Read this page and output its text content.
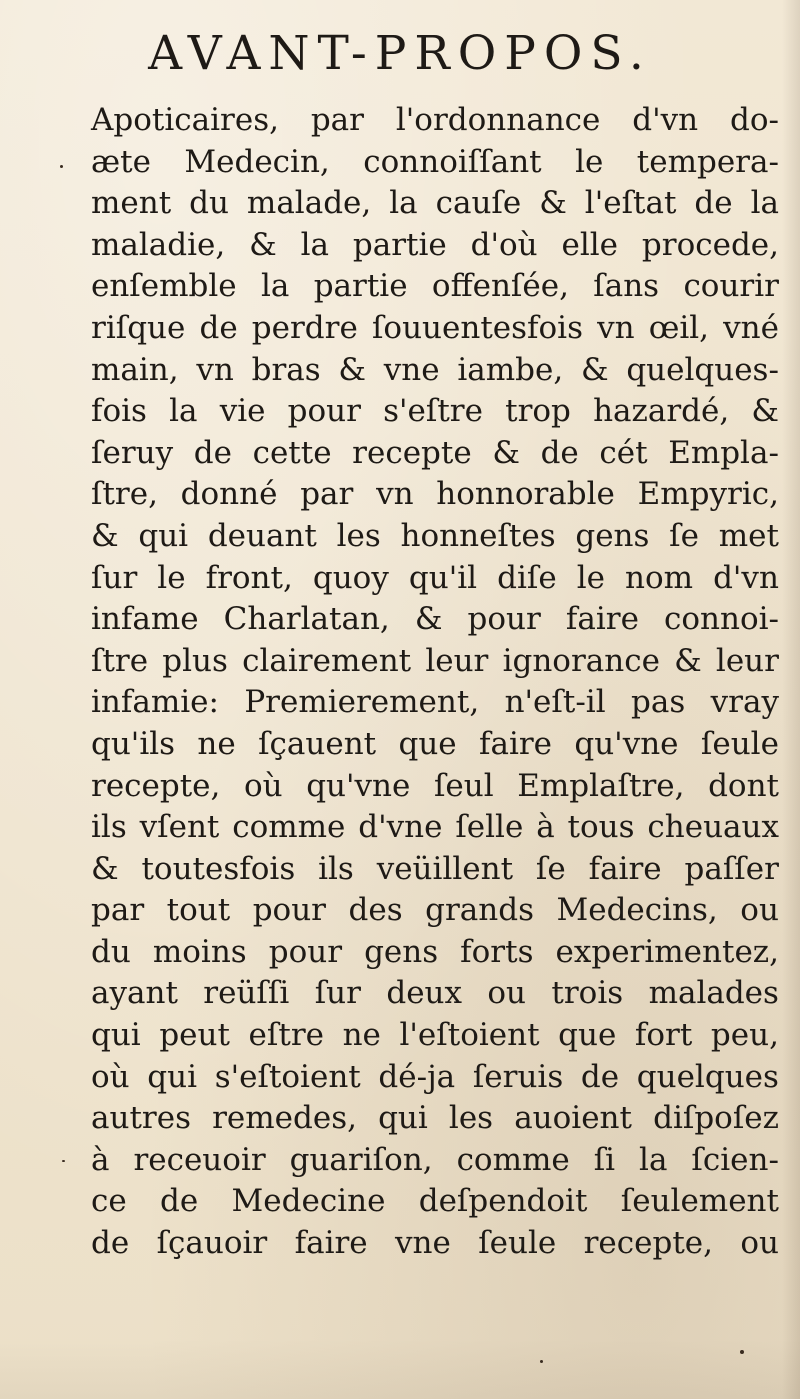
AVANT-PROPOS.
Apoticaires, par l'ordonnance d'vn do-
æte Medecin, connoiſſant le tempera-
ment du malade, la cauſe & l'eſtat de la
maladie, & la partie d'où elle procede,
enſemble la partie offenſée, ſans courir
riſque de perdre ſouuentesfois vn œil, vné
main, vn bras & vne iambe, & quelques-
fois la vie pour s'eſtre trop hazardé, &
ſeruy de cette recepte & de cét Empla-
ſtre, donné par vn honnorable Empyric,
& qui deuant les honneſtes gens ſe met
ſur le front, quoy qu'il diſe le nom d'vn
infame Charlatan, & pour faire connoi-
ſtre plus clairement leur ignorance & leur
infamie: Premierement, n'eſt-il pas vray
qu'ils ne ſçauent que faire qu'vne ſeule
recepte, où qu'vne ſeul Emplaſtre, dont
ils vſent comme d'vne ſelle à tous cheuaux
& toutesfois ils veüillent ſe faire paſſer
par tout pour des grands Medecins, ou
du moins pour gens forts experimentez,
ayant reüſſi ſur deux ou trois malades
qui peut eſtre ne l'eſtoient que fort peu,
où qui s'eſtoient dé-ja ſeruis de quelques
autres remedes, qui les auoient diſpoſez
à receuoir guariſon, comme ſi la ſcien-
ce de Medecine deſpendoit ſeulement
de ſçauoir faire vne ſeule recepte, ou
